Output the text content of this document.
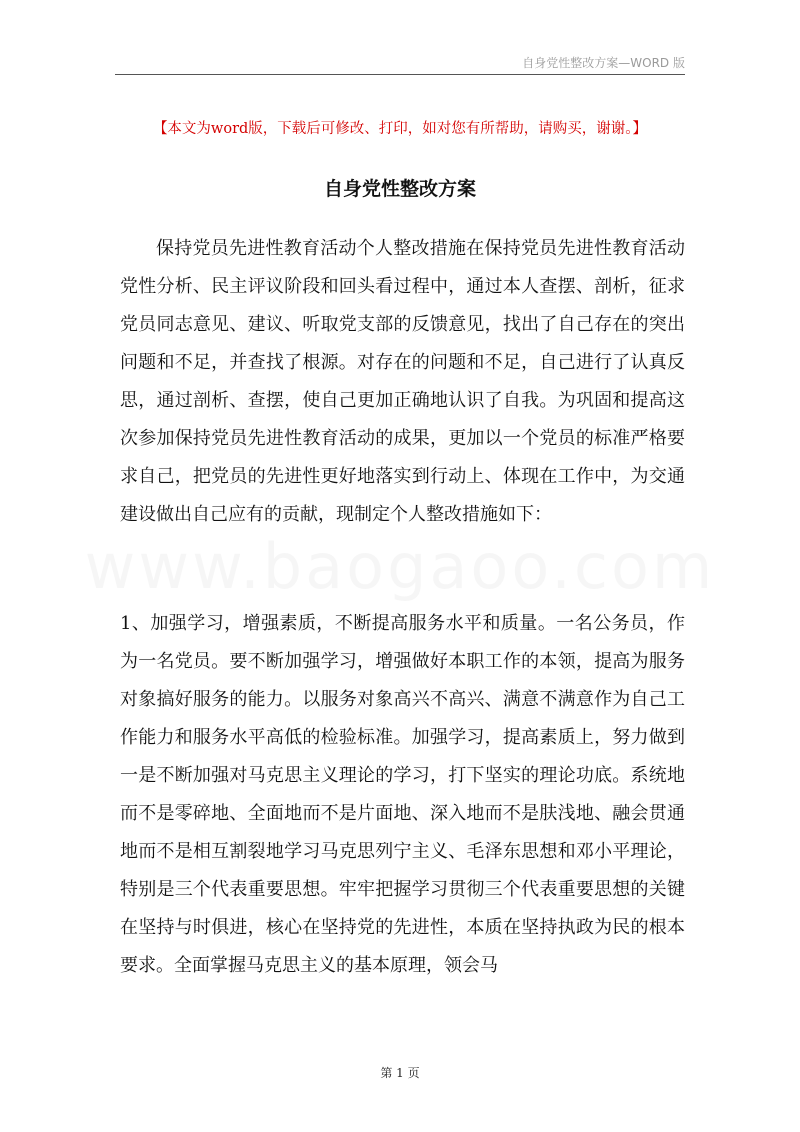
自身党性整改方案—WORD 版
【本文为word版，下载后可修改、打印，如对您有所帮助，请购买，谢谢。】
自身党性整改方案

保持党员先进性教育活动个人整改措施在保持党员先进性教育活动党性分析、民主评议阶段和回头看过程中，通过本人查摆、剖析，征求党员同志意见、建议、听取党支部的反馈意见，找出了自己存在的突出问题和不足，并查找了根源。对存在的问题和不足，自己进行了认真反思，通过剖析、查摆，使自己更加正确地认识了自我。为巩固和提高这次参加保持党员先进性教育活动的成果，更加以一个党员的标准严格要求自己，把党员的先进性更好地落实到行动上、体现在工作中，为交通建设做出自己应有的贡献，现制定个人整改措施如下：

1、加强学习，增强素质，不断提高服务水平和质量。一名公务员，作为一名党员。要不断加强学习，增强做好本职工作的本领，提高为服务对象搞好服务的能力。以服务对象高兴不高兴、满意不满意作为自己工作能力和服务水平高低的检验标准。加强学习，提高素质上，努力做到一是不断加强对马克思主义理论的学习，打下坚实的理论功底。系统地而不是零碎地、全面地而不是片面地、深入地而不是肤浅地、融会贯通地而不是相互割裂地学习马克思列宁主义、毛泽东思想和邓小平理论，特别是三个代表重要思想。牢牢把握学习贯彻三个代表重要思想的关键在坚持与时俱进，核心在坚持党的先进性，本质在坚持执政为民的根本要求。全面掌握马克思主义的基本原理，领会马

第 1 页
